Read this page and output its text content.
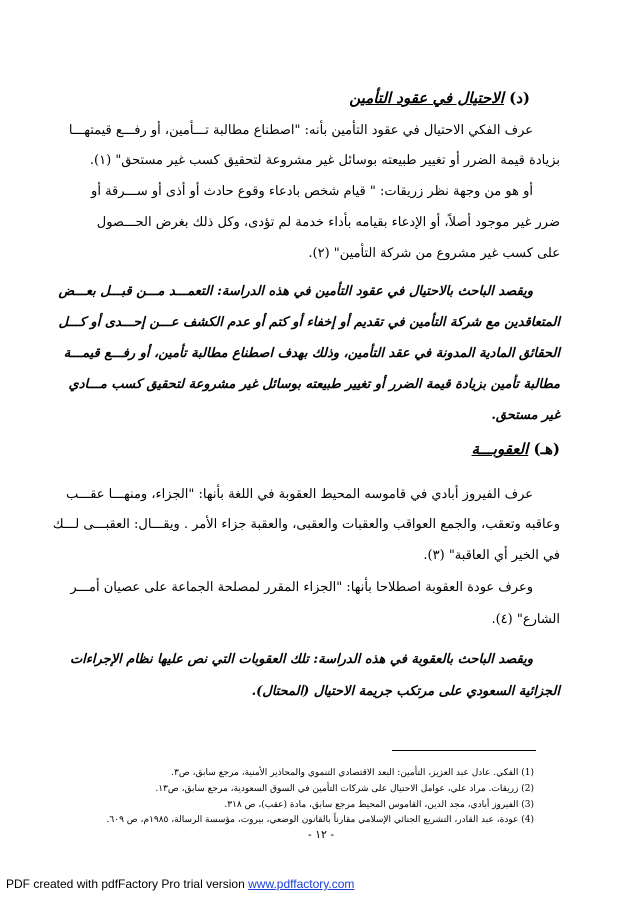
(د) الاحتيال في عقود التأمين
عرف الفكي الاحتيال في عقود التأمين بأنه: "اصطناع مطالبة تـــأمين، أو رفـــع قيمتهـــا
بزيادة قيمة الضرر أو تغيير طبيعته بوسائل غير مشروعة لتحقيق كسب غير مستحق" (١).
أو هو من وجهة نظر زريقات: " قيام شخص بادعاء وقوع حادث أو أذى أو ســـرقة أو
ضرر غير موجود أصلاً، أو الإدعاء بقيامه بأداء خدمة لم تؤدى، وكل ذلك بغرض الحـــصول
على كسب غير مشروع من شركة التأمين" (٢).
ويقصد الباحث بالاحتيال في عقود التأمين في هذه الدراسة: التعمـــد مـــن قبـــل بعـــض
المتعاقدين مع شركة التأمين في تقديم أو إخفاء أو كتم أو عدم الكشف عـــن إحـــدى أو كـــل
الحقائق المادية المدونة في عقد التأمين، وذلك بهدف اصطناع مطالبة تأمين، أو رفـــع قيمـــة
مطالبة تأمين بزيادة قيمة الضرر أو تغيير طبيعته بوسائل غير مشروعة لتحقيق كسب مـــادي
غير مستحق.
(هـ) العقوبـــة
عرف الفيروز أبادي في قاموسه المحيط العقوبة في اللغة بأنها: "الجزاء، ومنهـــا عقـــب
وعاقبه وتعقب، والجمع العواقب والعقبات والعقبى، والعقبة جزاء الأمر . ويقـــال: العقبـــى لـــك
في الخير أي العاقبة" (٣).
وعرف عودة العقوبة اصطلاحا بأنها: "الجزاء المقرر لمصلحة الجماعة على عصيان أمـــر
الشارع" (٤).
ويقصد الباحث بالعقوبة في هذه الدراسة: تلك العقوبات التي نص عليها نظام الإجراءات
الجزائية السعودي على مرتكب جريمة الاحتيال (المحتال).
(1) الفكي. عادل عبد العزيز، التأمين: البعد الاقتصادي التنموي والمحاذير الأمنية، مرجع سابق، ص٣.
(2) زريقات. مراد علي، عوامل الاحتيال على شركات التأمين في السوق السعودية، مرجع سابق، ص١٣.
(3) الفيروز أبادي، مجد الدين، القاموس المحيط مرجع سابق، مادة (عقب)، ص ٣١٨.
(4) عودة، عبد القادر، التشريع الجنائي الإسلامي مقارناً بالقانون الوضعي، بيروت، مؤسسة الرسالة، ١٩٨٥م، ص ٦٠٩.
- ١٢ -
PDF created with pdfFactory Pro trial version www.pdffactory.com
